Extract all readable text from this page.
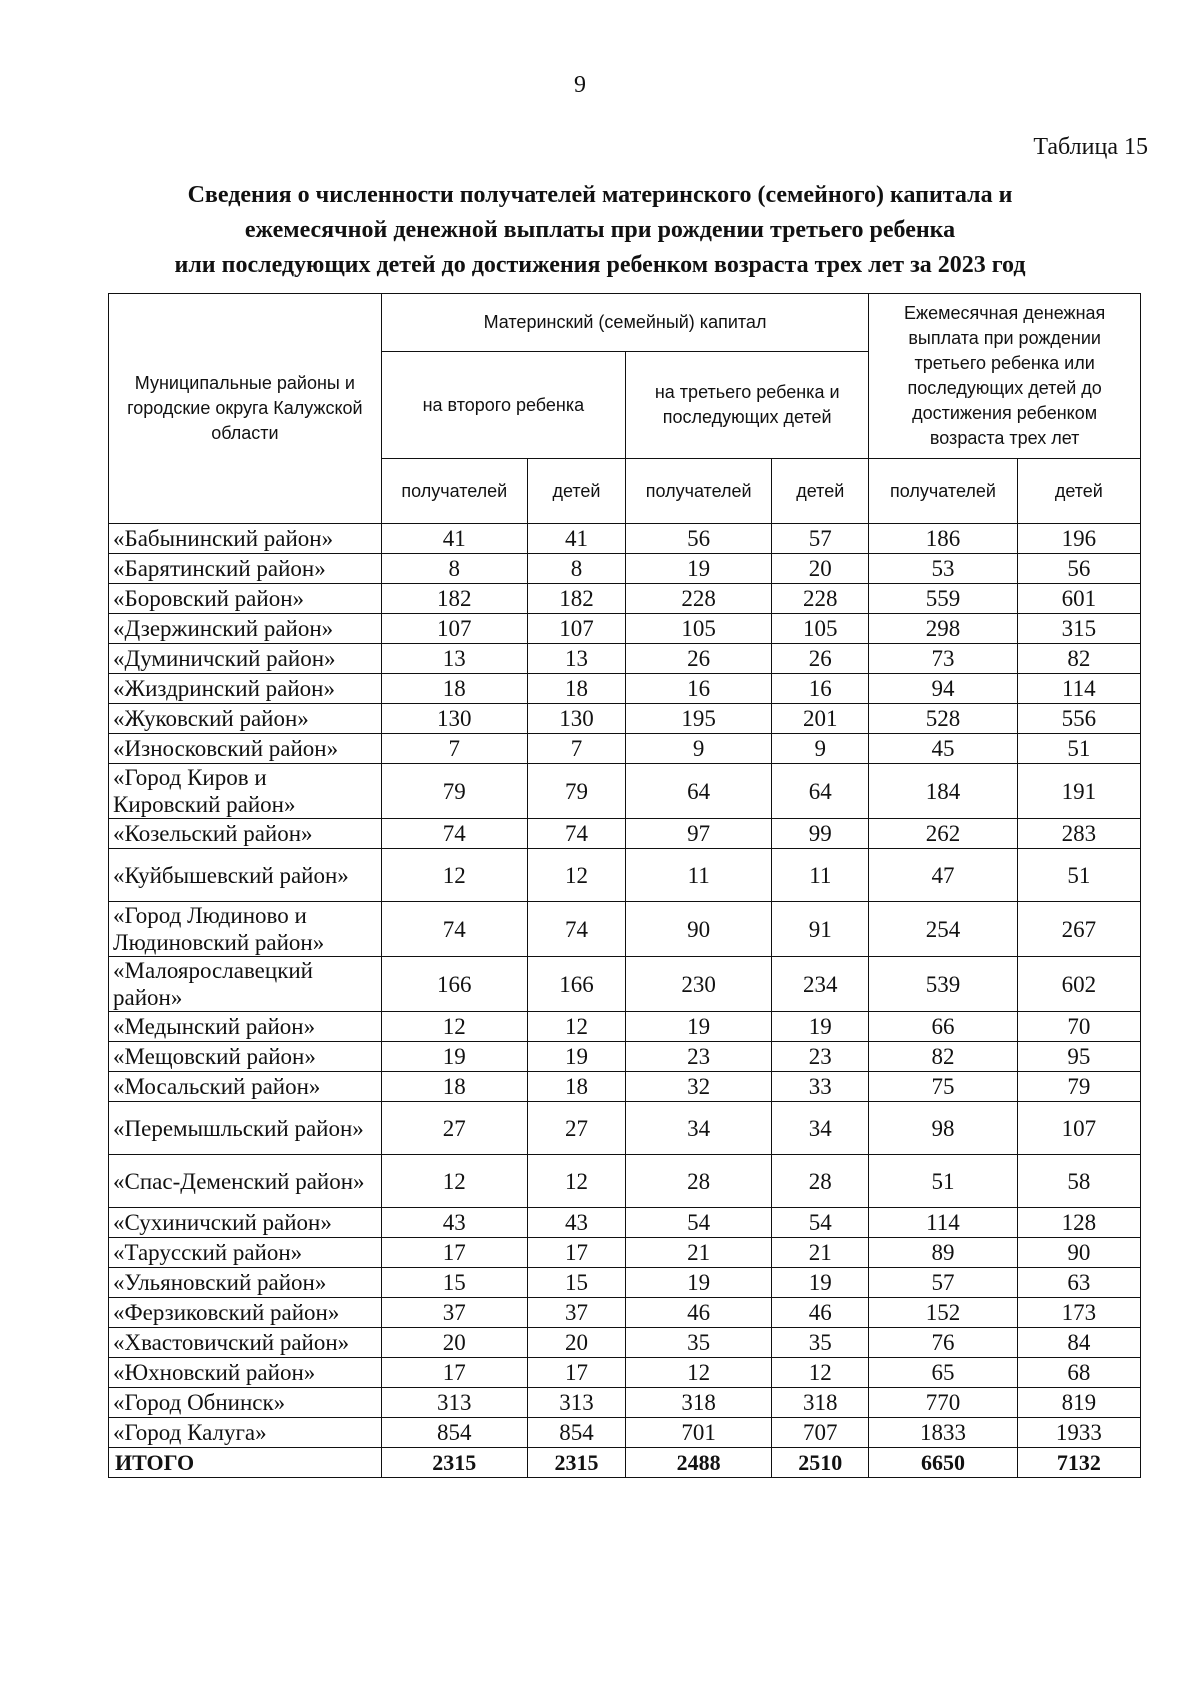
9
Таблица 15
Сведения о численности получателей материнского (семейного) капитала и
ежемесячной денежной выплаты при рождении третьего ребенка
или последующих детей до достижения ребенком возраста трех лет за 2023 год
Муниципальные районы и городские округа Калужской области	Материнский (семейный) капитал				Ежемесячная денежная выплата при рождении третьего ребенка или последующих детей до достижения ребенком возраста трех лет	
	на второго ребенка		на третьего ребенка и последующих детей			
	получателей	детей	получателей	детей	получателей	детей
«Бабынинский район»	41	41	56	57	186	196
«Барятинский район»	8	8	19	20	53	56
«Боровский район»	182	182	228	228	559	601
«Дзержинский район»	107	107	105	105	298	315
«Думиничский район»	13	13	26	26	73	82
«Жиздринский район»	18	18	16	16	94	114
«Жуковский район»	130	130	195	201	528	556
«Износковский район»	7	7	9	9	45	51
«Город Киров и Кировский район»	79	79	64	64	184	191
«Козельский район»	74	74	97	99	262	283
«Куйбышевский район»	12	12	11	11	47	51
«Город Людиново и Людиновский район»	74	74	90	91	254	267
«Малоярославецкий район»	166	166	230	234	539	602
«Медынский район»	12	12	19	19	66	70
«Мещовский район»	19	19	23	23	82	95
«Мосальский район»	18	18	32	33	75	79
«Перемышльский район»	27	27	34	34	98	107
«Спас-Деменский район»	12	12	28	28	51	58
«Сухиничский район»	43	43	54	54	114	128
«Тарусский район»	17	17	21	21	89	90
«Ульяновский район»	15	15	19	19	57	63
«Ферзиковский район»	37	37	46	46	152	173
«Хвастовичский район»	20	20	35	35	76	84
«Юхновский район»	17	17	12	12	65	68
«Город Обнинск»	313	313	318	318	770	819
«Город Калуга»	854	854	701	707	1833	1933
ИТОГО	2315	2315	2488	2510	6650	7132
